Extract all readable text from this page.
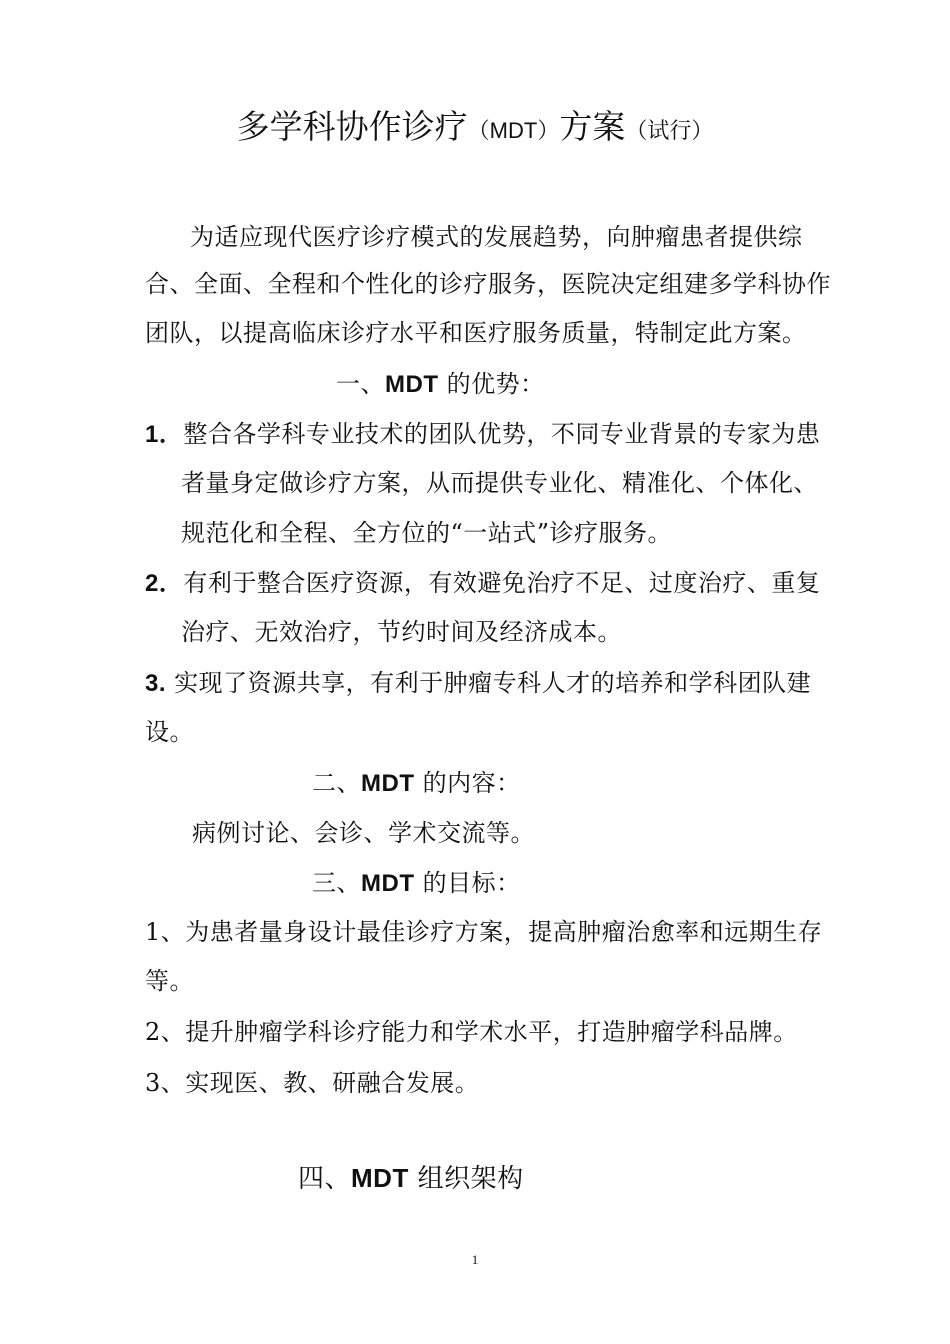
多学科协作诊疗（MDT）方案（试行）
为适应现代医疗诊疗模式的发展趋势，向肿瘤患者提供综
合、全面、全程和个性化的诊疗服务，医院决定组建多学科协作
团队，以提高临床诊疗水平和医疗服务质量，特制定此方案。
一、MDT 的优势：
1．整合各学科专业技术的团队优势，不同专业背景的专家为患
者量身定做诊疗方案，从而提供专业化、精准化、个体化、
规范化和全程、全方位的“一站式”诊疗服务。
2．有利于整合医疗资源，有效避免治疗不足、过度治疗、重复
治疗、无效治疗，节约时间及经济成本。
3. 实现了资源共享，有利于肿瘤专科人才的培养和学科团队建
设。
二、MDT 的内容：
病例讨论、会诊、学术交流等。
三、MDT 的目标：
1、为患者量身设计最佳诊疗方案，提高肿瘤治愈率和远期生存
等。
2、提升肿瘤学科诊疗能力和学术水平，打造肿瘤学科品牌。
3、实现医、教、研融合发展。
四、MDT 组织架构
1
